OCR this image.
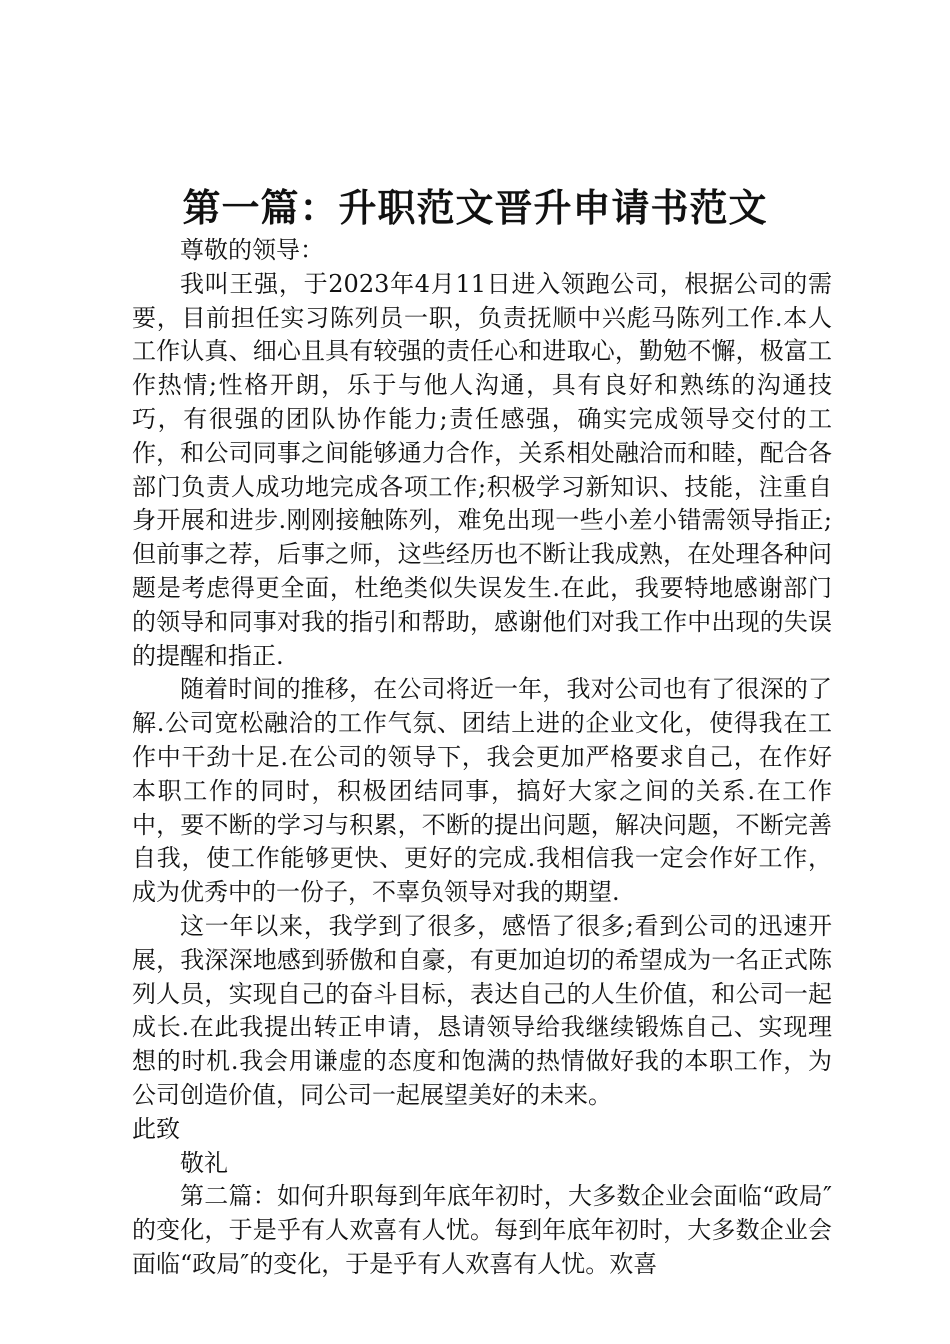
第一篇：升职范文晋升申请书范文

尊敬的领导：

我叫王强，于2023年4月11日进入领跑公司，根据公司的需要，目前担任实习陈列员一职，负责抚顺中兴彪马陈列工作.本人工作认真、细心且具有较强的责任心和进取心，勤勉不懈，极富工作热情;性格开朗，乐于与他人沟通，具有良好和熟练的沟通技巧，有很强的团队协作能力;责任感强，确实完成领导交付的工作，和公司同事之间能够通力合作，关系相处融洽而和睦，配合各部门负责人成功地完成各项工作;积极学习新知识、技能，注重自身开展和进步.刚刚接触陈列，难免出现一些小差小错需领导指正;但前事之荐，后事之师，这些经历也不断让我成熟，在处理各种问题是考虑得更全面，杜绝类似失误发生.在此，我要特地感谢部门的领导和同事对我的指引和帮助，感谢他们对我工作中出现的失误的提醒和指正.

随着时间的推移，在公司将近一年，我对公司也有了很深的了解.公司宽松融洽的工作气氛、团结上进的企业文化，使得我在工作中干劲十足.在公司的领导下，我会更加严格要求自己，在作好本职工作的同时，积极团结同事，搞好大家之间的关系.在工作中，要不断的学习与积累，不断的提出问题，解决问题，不断完善自我，使工作能够更快、更好的完成.我相信我一定会作好工作，成为优秀中的一份子，不辜负领导对我的期望.

这一年以来，我学到了很多，感悟了很多;看到公司的迅速开展，我深深地感到骄傲和自豪，有更加迫切的希望成为一名正式陈列人员，实现自己的奋斗目标，表达自己的人生价值，和公司一起成长.在此我提出转正申请，恳请领导给我继续锻炼自己、实现理想的时机.我会用谦虚的态度和饱满的热情做好我的本职工作，为公司创造价值，同公司一起展望美好的未来。

此致

敬礼

第二篇：如何升职每到年底年初时，大多数企业会面临“政局″的变化，于是乎有人欢喜有人忧。每到年底年初时，大多数企业会面临“政局″的变化，于是乎有人欢喜有人忧。欢喜
